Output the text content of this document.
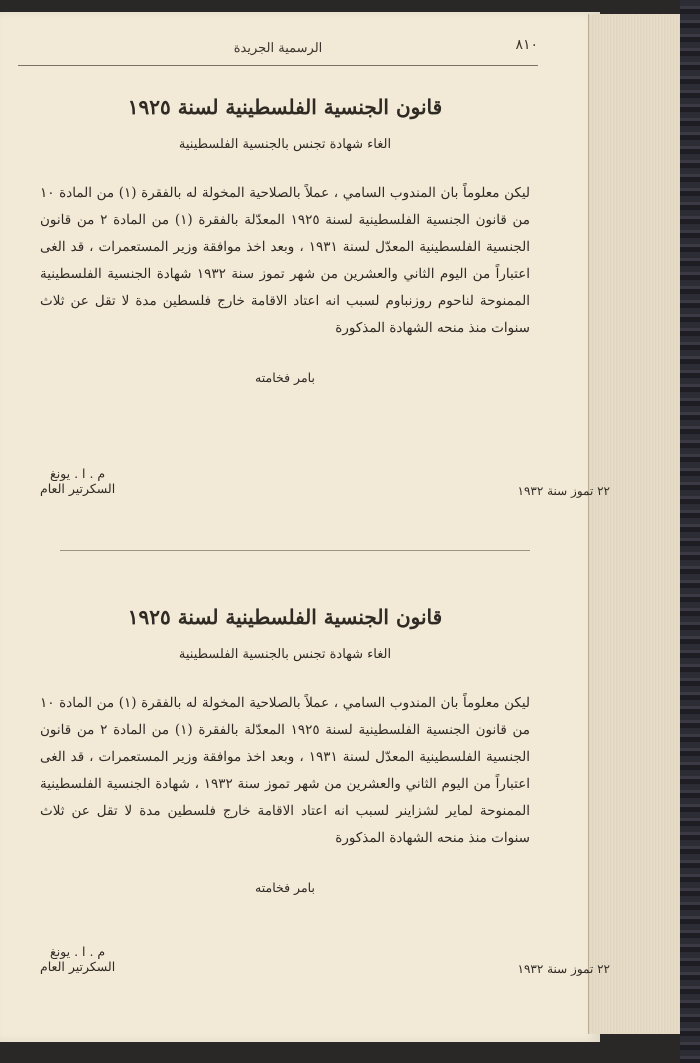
الرسمية الجريدة	٨١٠
قانون الجنسية الفلسطينية لسنة ١٩٢٥
الغاء شهادة تجنس بالجنسية الفلسطينية
ليكن معلوماً بان المندوب السامي ، عملاً بالصلاحية المخولة له بالفقرة (١) من المادة ١٠ من قانون الجنسية الفلسطينية لسنة ١٩٢٥ المعدّلة بالفقرة (١) من المادة ٢ من قانون الجنسية الفلسطينية المعدّل لسنة ١٩٣١ ، وبعد اخذ موافقة وزير المستعمرات ، قد الغى اعتباراً من اليوم الثاني والعشرين من شهر تموز سنة ١٩٣٢ شهادة الجنسية الفلسطينية الممنوحة لناحوم روزنباوم لسبب انه اعتاد الاقامة خارج فلسطين مدة لا تقل عن ثلاث سنوات منذ منحه الشهادة المذكورة
بامر فخامته
٢٢ تموز سنة ١٩٣٢
م . ا . يونغ
السكرتير العام
قانون الجنسية الفلسطينية لسنة ١٩٢٥
الغاء شهادة تجنس بالجنسية الفلسطينية
ليكن معلوماً بان المندوب السامي ، عملاً بالصلاحية المخولة له بالفقرة (١) من المادة ١٠ من قانون الجنسية الفلسطينية لسنة ١٩٢٥ المعدّلة بالفقرة (١) من المادة ٢ من قانون الجنسية الفلسطينية المعدّل لسنة ١٩٣١ ، وبعد اخذ موافقة وزير المستعمرات ، قد الغى اعتباراً من اليوم الثاني والعشرين من شهر تموز سنة ١٩٣٢ ، شهادة الجنسية الفلسطينية الممنوحة لماير لشزاينر لسبب انه اعتاد الاقامة خارج فلسطين مدة لا تقل عن ثلاث سنوات منذ منحه الشهادة المذكورة
بامر فخامته
٢٢ تموز سنة ١٩٣٢
م . ا . يونغ
السكرتير العام
